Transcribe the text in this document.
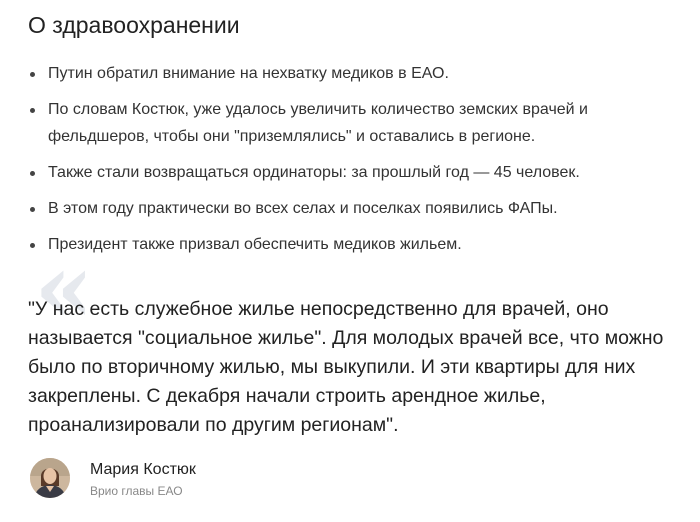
О здравоохранении
Путин обратил внимание на нехватку медиков в ЕАО.
По словам Костюк, уже удалось увеличить количество земских врачей и фельдшеров, чтобы они "приземлялись" и оставались в регионе.
Также стали возвращаться ординаторы: за прошлый год — 45 человек.
В этом году практически во всех селах и поселках появились ФАПы.
Президент также призвал обеспечить медиков жильем.
«

"У нас есть служебное жилье непосредственно для врачей, оно называется "социальное жилье". Для молодых врачей все, что можно было по вторичному жилью, мы выкупили. И эти квартиры для них закреплены. С декабря начали строить арендное жилье, проанализировали по другим регионам".

Мария Костюк
Врио главы ЕАО
